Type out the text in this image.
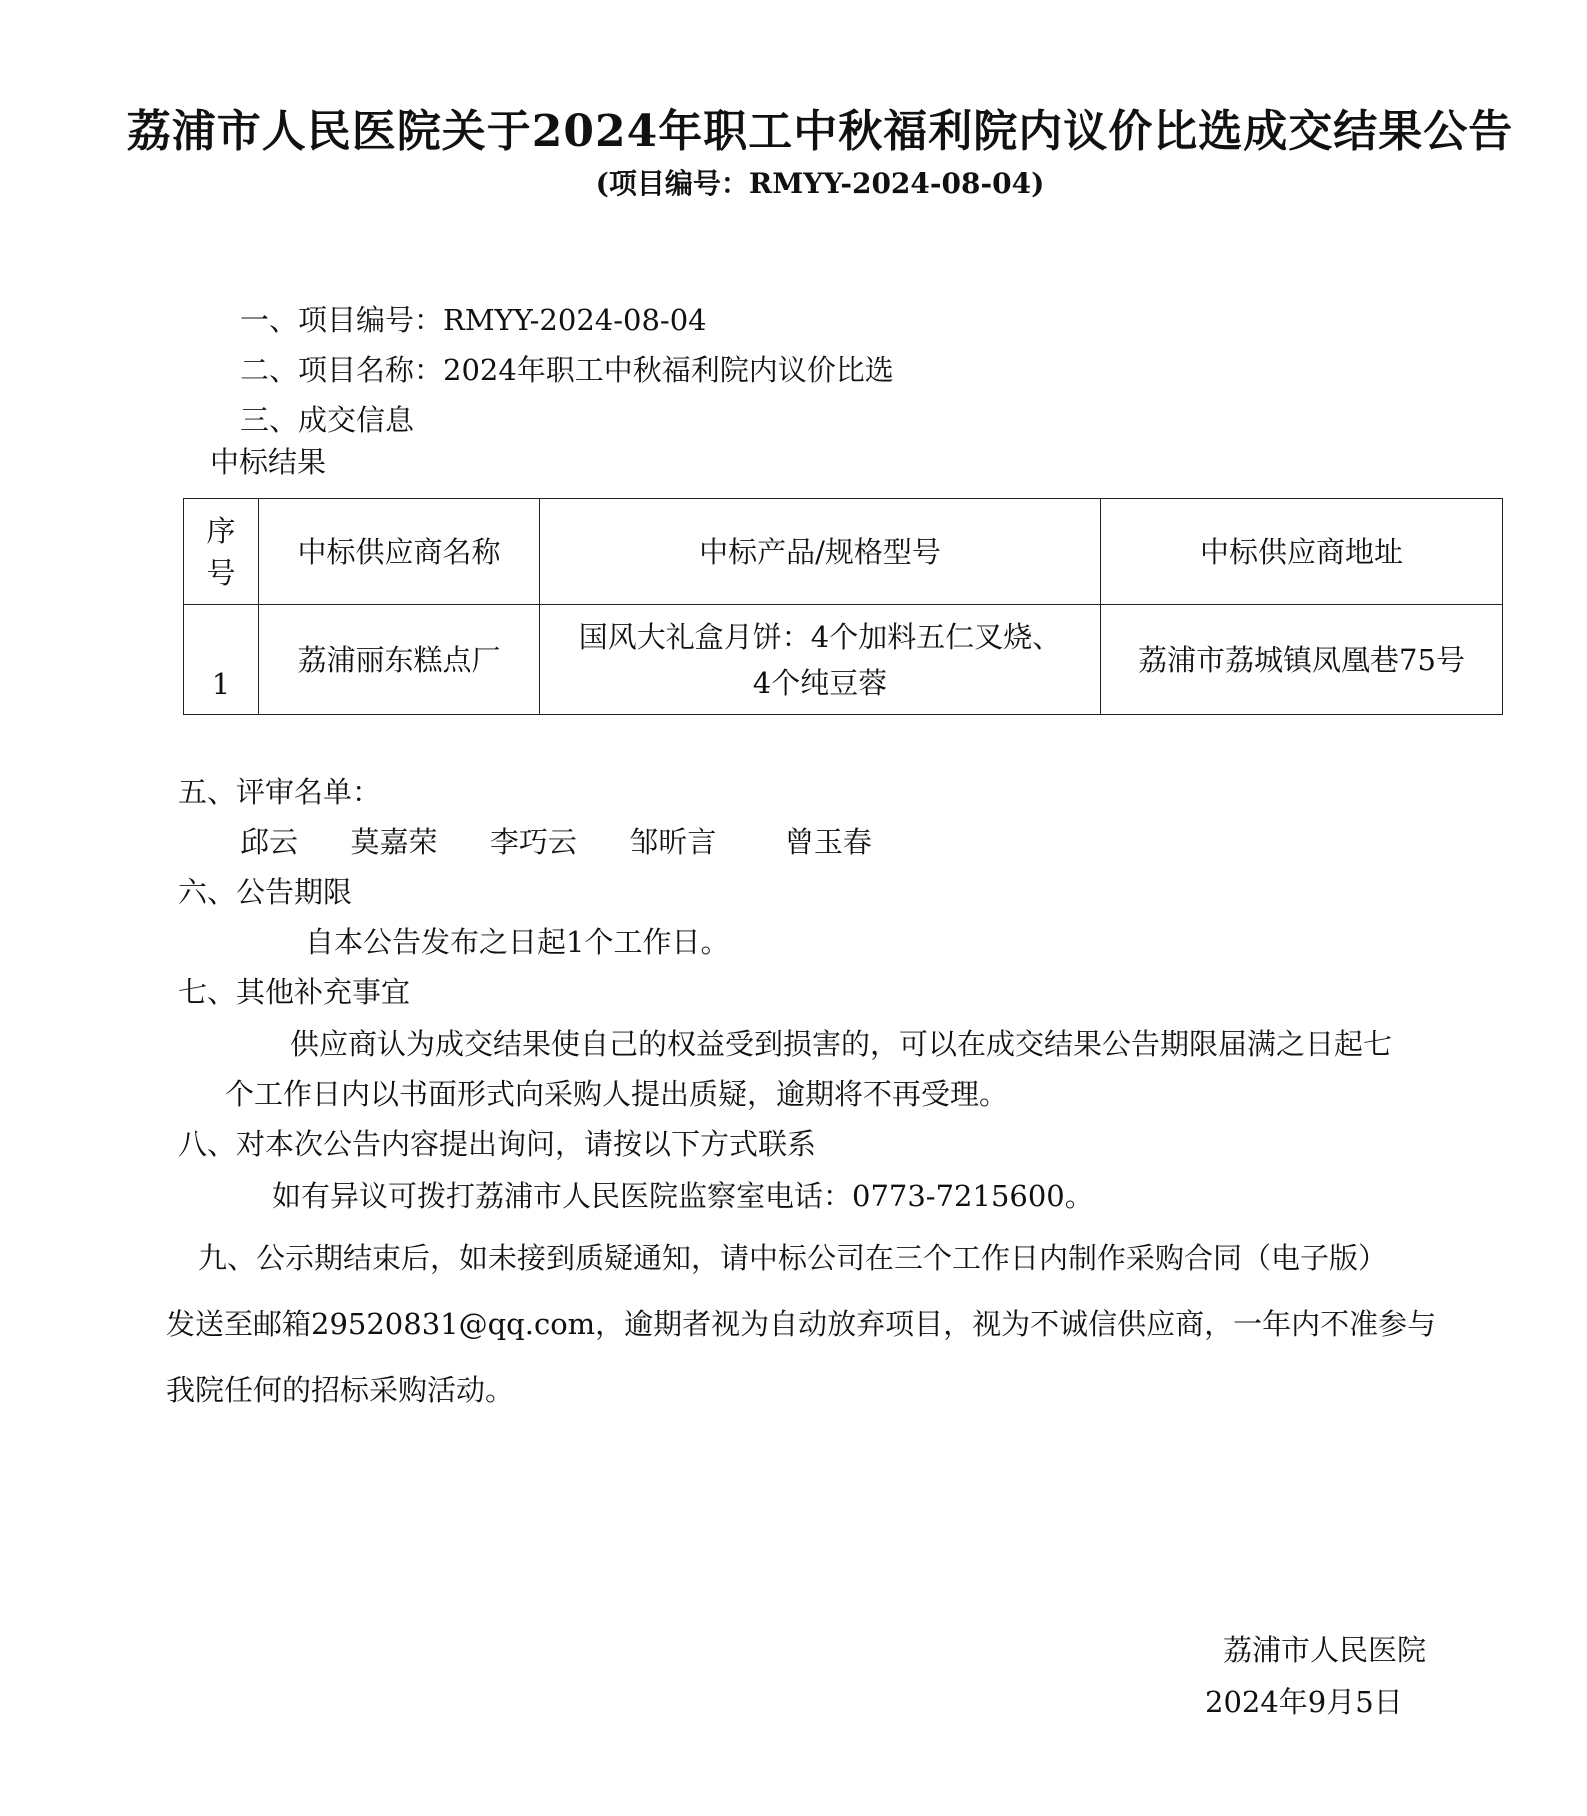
荔浦市人民医院关于2024年职工中秋福利院内议价比选成交结果公告
(项目编号：RMYY-2024-08-04)
一、项目编号：RMYY-2024-08-04
二、项目名称：2024年职工中秋福利院内议价比选
三、成交信息
中标结果
序
号	中标供应商名称	中标产品/规格型号	中标供应商地址
1	荔浦丽东糕点厂	国风大礼盒月饼：4个加料五仁叉烧、4个纯豆蓉	荔浦市荔城镇凤凰巷75号
五、评审名单：
邱云 莫嘉荣 李巧云 邹昕言 曾玉春
六、公告期限
自本公告发布之日起1个工作日。
七、其他补充事宜
供应商认为成交结果使自己的权益受到损害的，可以在成交结果公告期限届满之日起七
个工作日内以书面形式向采购人提出质疑，逾期将不再受理。
八、对本次公告内容提出询问，请按以下方式联系
如有异议可拨打荔浦市人民医院监察室电话：0773-7215600。
九、公示期结束后，如未接到质疑通知，请中标公司在三个工作日内制作采购合同（电子版）
发送至邮箱29520831@qq.com，逾期者视为自动放弃项目，视为不诚信供应商，一年内不准参与
我院任何的招标采购活动。
荔浦市人民医院
2024年9月5日
